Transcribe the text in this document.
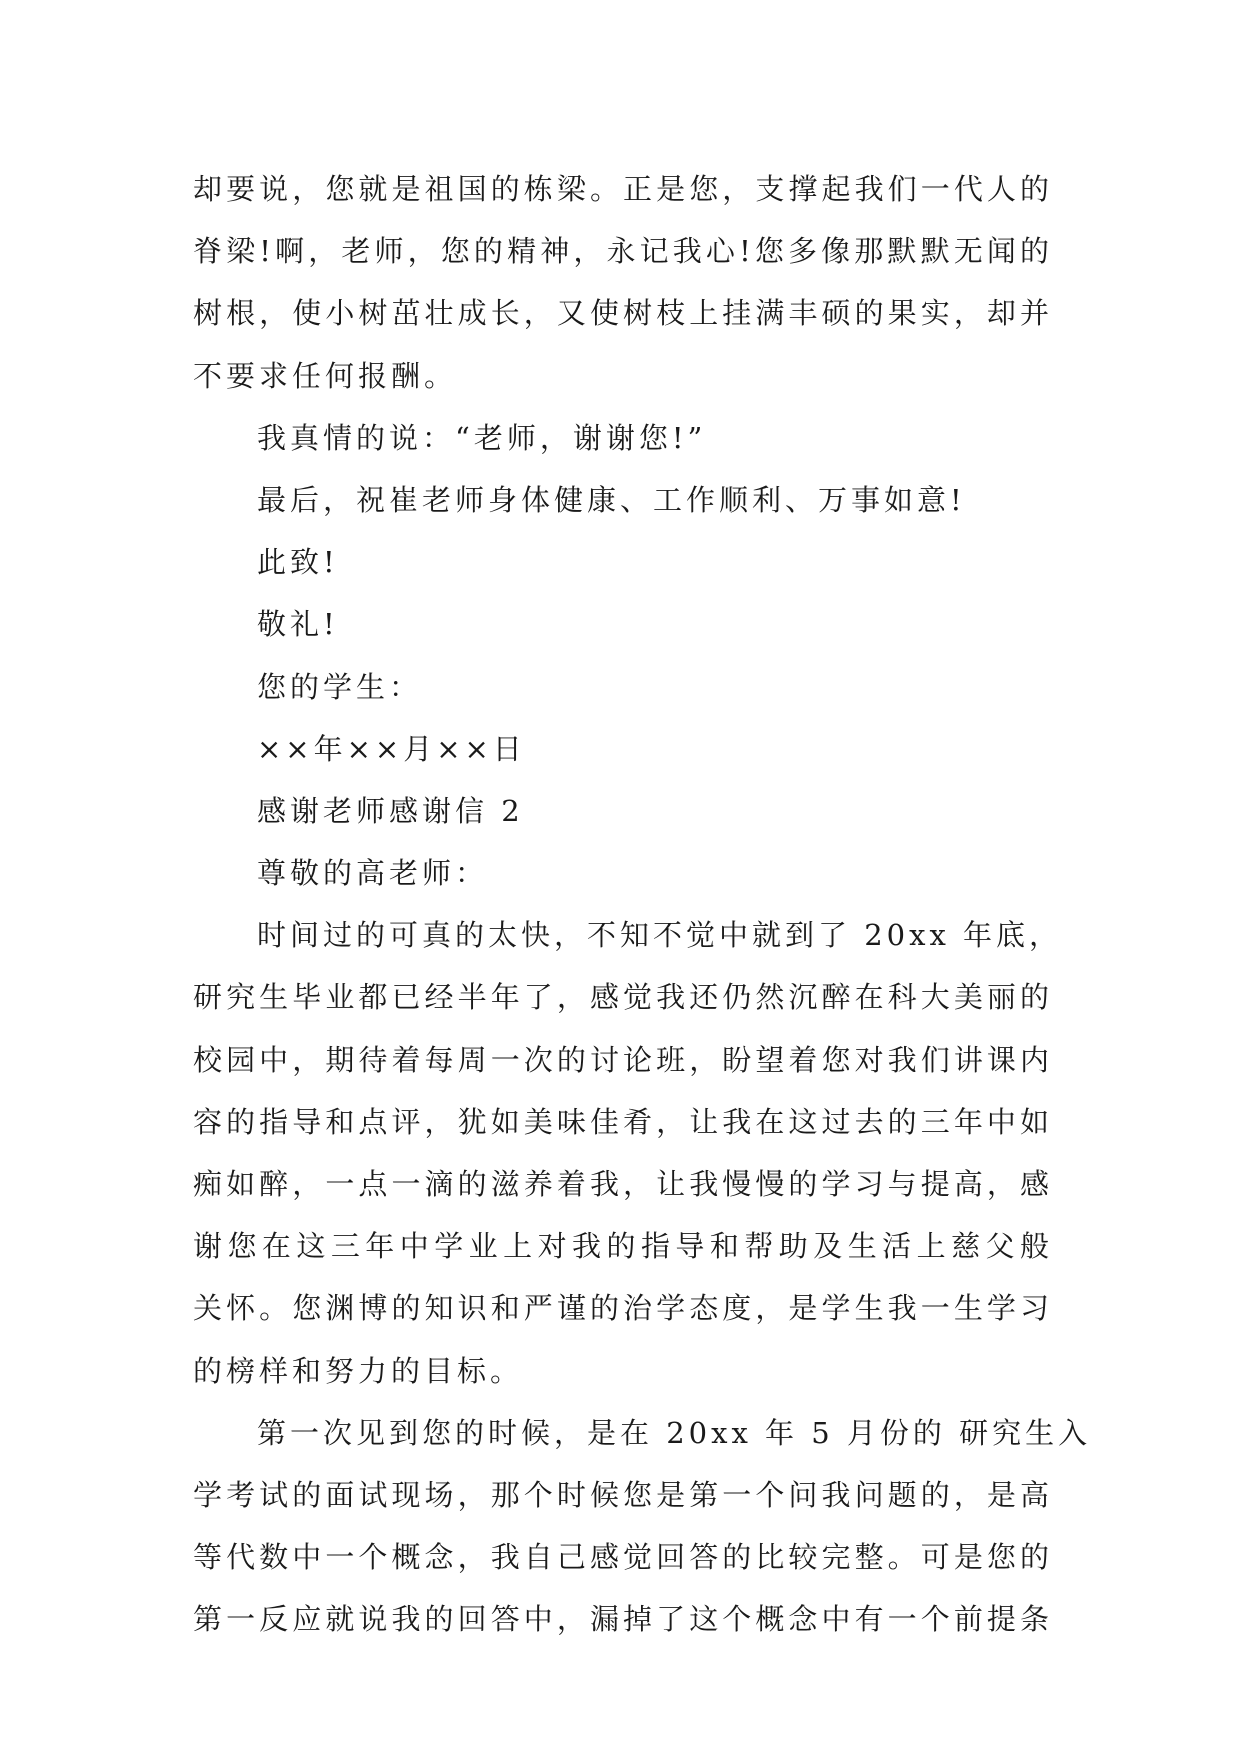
却要说，您就是祖国的栋梁。正是您，支撑起我们一代人的
脊梁!啊，老师，您的精神，永记我心!您多像那默默无闻的
树根，使小树茁壮成长，又使树枝上挂满丰硕的果实，却并
不要求任何报酬。
我真情的说：“老师，谢谢您!”
最后，祝崔老师身体健康、工作顺利、万事如意!
此致!
敬礼!
您的学生：
××年××月××日
感谢老师感谢信 2
尊敬的高老师：
时间过的可真的太快，不知不觉中就到了 20xx 年底，
研究生毕业都已经半年了，感觉我还仍然沉醉在科大美丽的
校园中，期待着每周一次的讨论班，盼望着您对我们讲课内
容的指导和点评，犹如美味佳肴，让我在这过去的三年中如
痴如醉，一点一滴的滋养着我，让我慢慢的学习与提高，感
谢您在这三年中学业上对我的指导和帮助及生活上慈父般
关怀。您渊博的知识和严谨的治学态度，是学生我一生学习
的榜样和努力的目标。
第一次见到您的时候，是在 20xx 年 5 月份的 研究生入
学考试的面试现场，那个时候您是第一个问我问题的，是高
等代数中一个概念，我自己感觉回答的比较完整。可是您的
第一反应就说我的回答中，漏掉了这个概念中有一个前提条
